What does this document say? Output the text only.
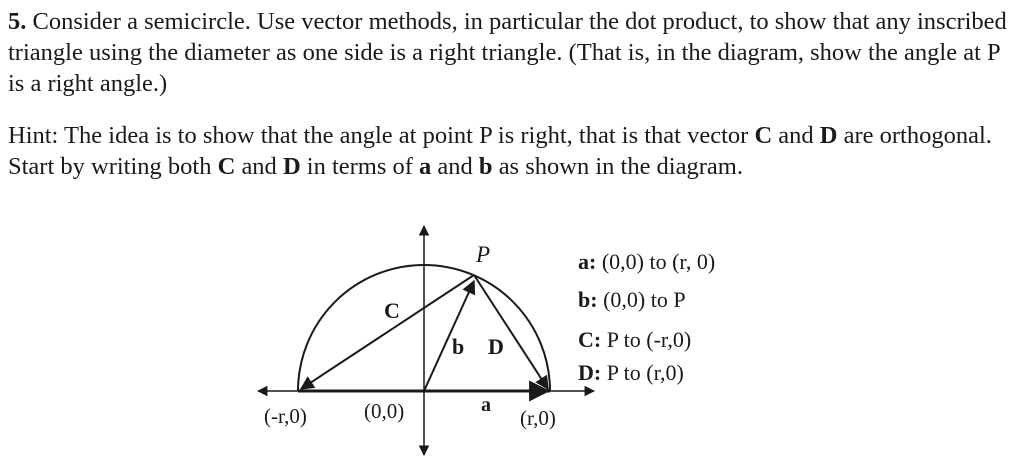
5. Consider a semicircle. Use vector methods, in particular the dot product, to show that any inscribed triangle using the diameter as one side is a right triangle. (That is, in the diagram, show the angle at P is a right angle.)

Hint: The idea is to show that the angle at point P is right, that is that vector C and D are orthogonal. Start by writing both C and D in terms of a and b as shown in the diagram.

P
C
b D
a
(-r,0)	(0,0)	(r,0)
a: (0,0) to (r, 0)
b: (0,0) to P
C: P to (-r,0)
D: P to (r,0)
